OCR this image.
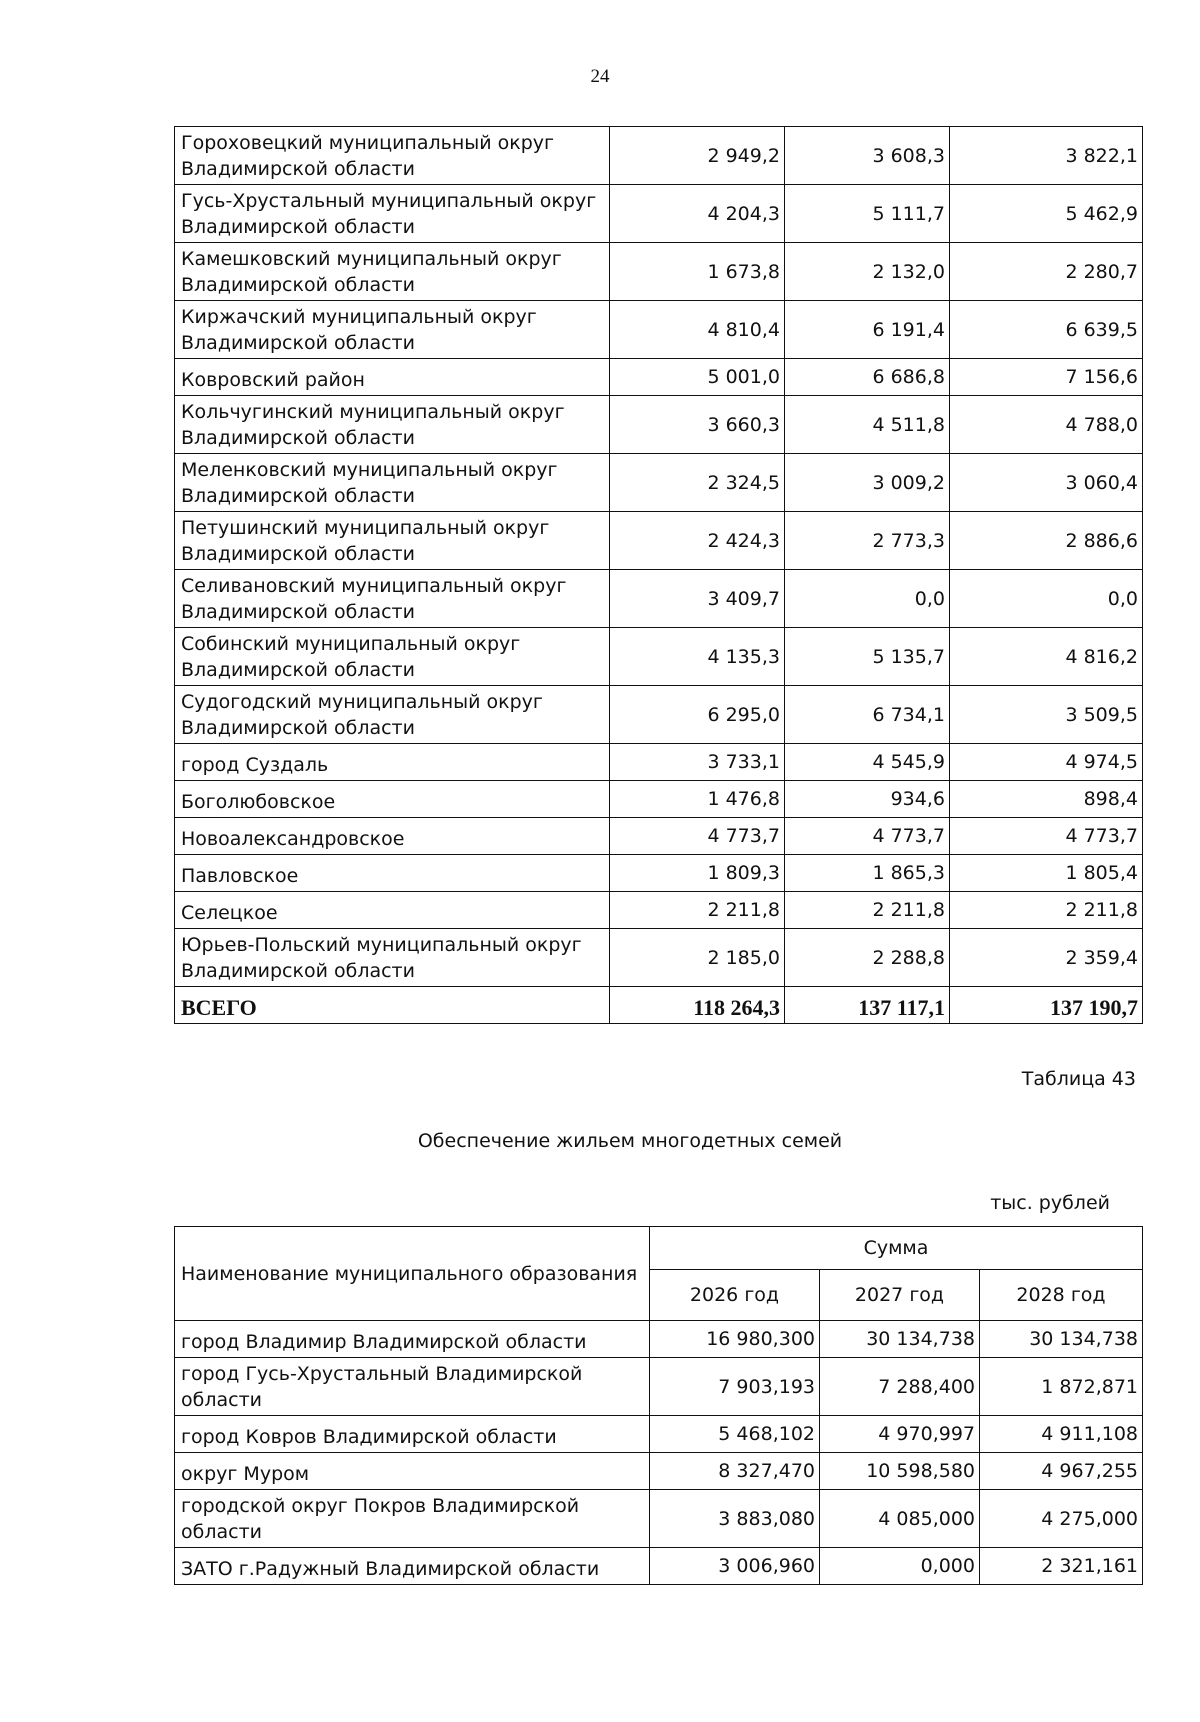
24
Гороховецкий муниципальный округ Владимирской области	2 949,2	3 608,3	3 822,1
Гусь-Хрустальный муниципальный округ Владимирской области	4 204,3	5 111,7	5 462,9
Камешковский муниципальный округ Владимирской области	1 673,8	2 132,0	2 280,7
Киржачский муниципальный округ Владимирской области	4 810,4	6 191,4	6 639,5
Ковровский район	5 001,0	6 686,8	7 156,6
Кольчугинский муниципальный округ Владимирской области	3 660,3	4 511,8	4 788,0
Меленковский муниципальный округ Владимирской области	2 324,5	3 009,2	3 060,4
Петушинский муниципальный округ Владимирской области	2 424,3	2 773,3	2 886,6
Селивановский муниципальный округ Владимирской области	3 409,7	0,0	0,0
Собинский муниципальный округ Владимирской области	4 135,3	5 135,7	4 816,2
Судогодский муниципальный округ Владимирской области	6 295,0	6 734,1	3 509,5
город Суздаль	3 733,1	4 545,9	4 974,5
Боголюбовское	1 476,8	934,6	898,4
Новоалександровское	4 773,7	4 773,7	4 773,7
Павловское	1 809,3	1 865,3	1 805,4
Селецкое	2 211,8	2 211,8	2 211,8
Юрьев-Польский муниципальный округ Владимирской области	2 185,0	2 288,8	2 359,4
ВСЕГО	118 264,3	137 117,1	137 190,7
Таблица 43
Обеспечение жильем многодетных семей
тыс. рублей
Наименование муниципального образования	Сумма		
	2026 год	2027 год	2028 год
город Владимир Владимирской области	16 980,300	30 134,738	30 134,738
город Гусь-Хрустальный Владимирской области	7 903,193	7 288,400	1 872,871
город Ковров Владимирской области	5 468,102	4 970,997	4 911,108
округ Муром	8 327,470	10 598,580	4 967,255
городской округ Покров Владимирской области	3 883,080	4 085,000	4 275,000
ЗАТО г.Радужный Владимирской области	3 006,960	0,000	2 321,161
